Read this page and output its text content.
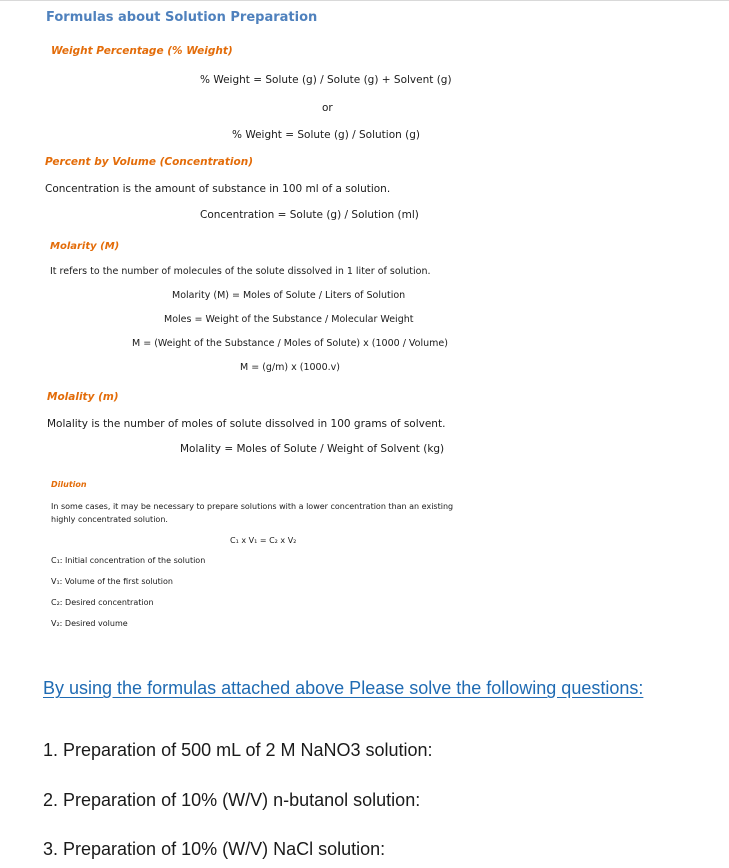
Formulas about Solution Preparation
Weight Percentage (% Weight)
% Weight = Solute (g) / Solute (g) + Solvent (g)
or
% Weight = Solute (g) / Solution (g)
Percent by Volume (Concentration)
Concentration is the amount of substance in 100 ml of a solution.
Concentration = Solute (g) / Solution (ml)
Molarity (M)
It refers to the number of molecules of the solute dissolved in 1 liter of solution.
Molarity (M) = Moles of Solute / Liters of Solution
Moles = Weight of the Substance / Molecular Weight
M = (Weight of the Substance / Moles of Solute) x (1000 / Volume)
M = (g/m) x (1000.v)
Molality (m)
Molality is the number of moles of solute dissolved in 100 grams of solvent.
Molality = Moles of Solute / Weight of Solvent (kg)
Dilution
In some cases, it may be necessary to prepare solutions with a lower concentration than an existing
highly concentrated solution.
C₁ x V₁ = C₂ x V₂
C₁: Initial concentration of the solution
V₁: Volume of the first solution
C₂: Desired concentration
V₂: Desired volume
By using the formulas attached above Please solve the following questions:
1. Preparation of 500 mL of 2 M NaNO3 solution:
2. Preparation of 10% (W/V) n-butanol solution:
3. Preparation of 10% (W/V) NaCl solution:
